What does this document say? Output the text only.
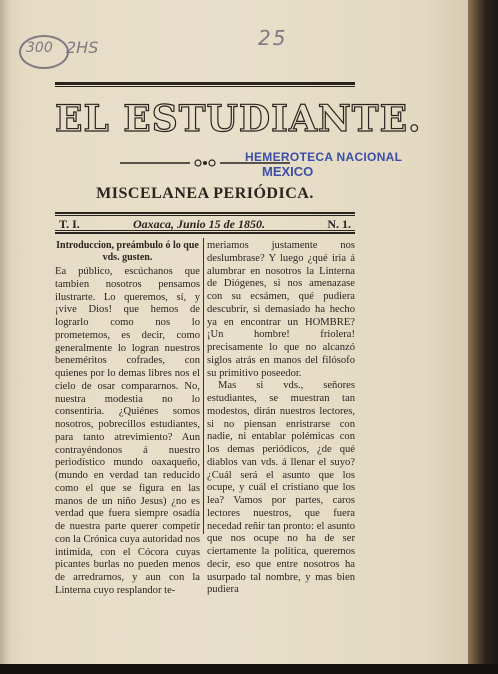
300 2HS	25
EL ESTUDIANTE.
HEMEROTECA NACIONAL
MEXICO
MISCELANEA PERIÓDICA.
T. I.	Oaxaca, Junio 15 de 1850.	N. 1.
Introduccion, preámbulo ó lo que vds. gusten.

Ea público, escúchanos que tambien nosotros pensamos ilustrarte. Lo queremos, sí, y ¡vive Dios! que hemos de lograrlo como nos lo prometemos, es decir, como generalmente lo logran nuestros beneméritos cofrades, con quienes por lo demas libres nos el cielo de osar compararnos. No, nuestra modestia no lo consentiria. ¿Quiénes somos nosotros, pobrecillos estudiantes, para tanto atrevimiento? Aun contrayéndonos á nuestro periodístico mundo oaxaqueño, (mundo en verdad tan reducido como el que se figura en las manos de un niño Jesus) ¿no es verdad que fuera siempre osadía de nuestra parte querer competir con la Crónica cuya autoridad nos intimida, con el Cócora cuyas picantes burlas no pueden menos de arredrarnos, y aun con la Linterna cuyo resplandor te-

meriamos justamente nos deslumbrase? Y luego ¿qué iria á alumbrar en nosotros la Linterna de Diógenes, si nos amenazase con su ecsámen, qué pudiera descubrir, si demasiado ha hecho ya en encontrar un HOMBRE? ¡Un hombre! friolera! precisamente lo que no alcanzó siglos atrás en manos del filósofo su primitivo poseedor.

Mas si vds., señores estudiantes, se muestran tan modestos, dirán nuestros lectores, si no piensan enristrarse con nadie, ni entablar polémicas con los demas periódicos, ¿de qué diablos van vds. á llenar el suyo? ¿Cuál será el asunto que los ocupe, y cuál el cristiano que los lea? Vamos por partes, caros lectores nuestros, que fuera necedad reñir tan pronto: el asunto que nos ocupe no ha de ser ciertamente la política, queremos decir, eso que entre nosotros ha usurpado tal nombre, y mas bien pudiera
